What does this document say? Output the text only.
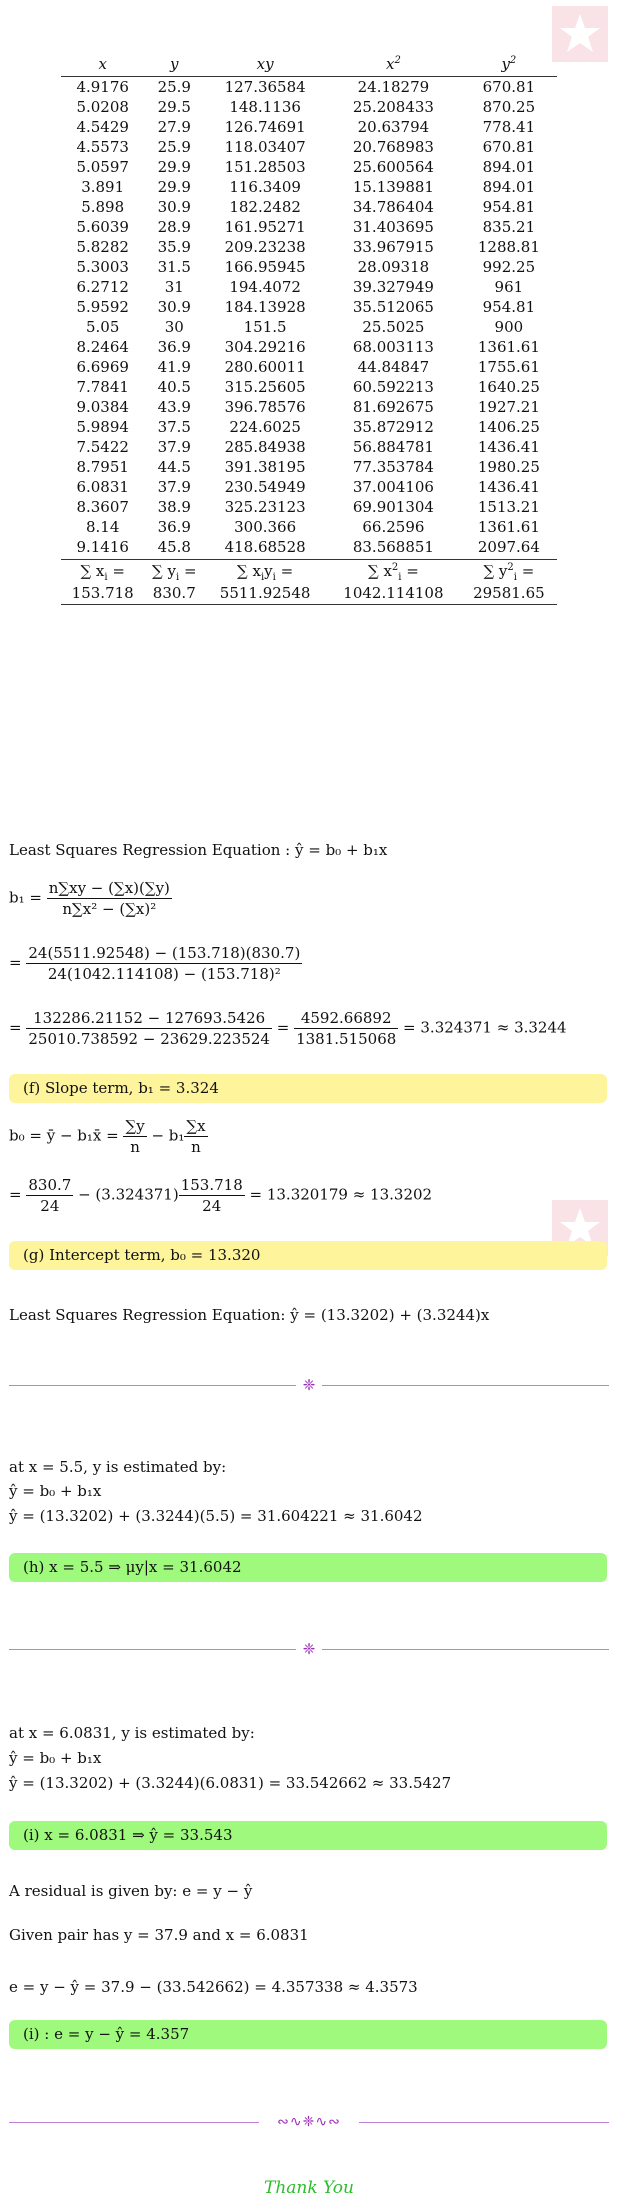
x	y	xy	$x^2$	$y^2$
4.9176	25.9	127.36584	24.18279	670.81
5.0208	29.5	148.1136	25.208433	870.25
4.5429	27.9	126.74691	20.63794	778.41
4.5573	25.9	118.03407	20.768983	670.81
5.0597	29.9	151.28503	25.600564	894.01
3.891	29.9	116.3409	15.139881	894.01
5.898	30.9	182.2482	34.786404	954.81
5.6039	28.9	161.95271	31.403695	835.21
5.8282	35.9	209.23238	33.967915	1288.81
5.3003	31.5	166.95945	28.09318	992.25
6.2712	31	194.4072	39.327949	961
5.9592	30.9	184.13928	35.512065	954.81
5.05	30	151.5	25.5025	900
8.2464	36.9	304.29216	68.003113	1361.61
6.6969	41.9	280.60011	44.84847	1755.61
7.7841	40.5	315.25605	60.592213	1640.25
9.0384	43.9	396.78576	81.692675	1927.21
5.9894	37.5	224.6025	35.872912	1406.25
7.5422	37.9	285.84938	56.884781	1436.41
8.7951	44.5	391.38195	77.353784	1980.25
6.0831	37.9	230.54949	37.004106	1436.41
8.3607	38.9	325.23123	69.901304	1513.21
8.14	36.9	300.366	66.2596	1361.61
9.1416	45.8	418.68528	83.568851	2097.64
∑ $x_i$ =	∑ $y_i$ =	∑ $x_iy_i$ =	∑ $x^2_i$ =	∑ $y^2_i$ =
153.718	830.7	5511.92548	1042.114108	29581.65
Least Squares Regression Equation : ŷ = b₀ + b₁x
$b_1 = \frac{n\sum xy - (\sum x)(\sum y)}{\text{n∑x² − (∑x)²}}$
= $\frac{24(5511.92548) - (153.718)(830.7)}{\text{24(1042.114108) − (153.718)²}}$
= $\frac{132286.21152 - 127693.5426}{25010.738592 - 23629.223524} = \frac{4592.66892}{1381.515068} = 3.324371 \approx 3.3244$
(f) Slope term, b₁ = 3.324
b₀ = ȳ − b₁x̄ = $\frac{\sum y}{n} - b_1 \frac{\sum x}{n}$
= $\frac{830.7}{24} - (3.324371) \frac{153.718}{24} = 13.320179 \approx 13.3202$
(g) Intercept term, b₀ = 13.320
Least Squares Regression Equation: ŷ = (13.3202) + (3.3244)x
❈
at x = 5.5, y is estimated by:
ŷ = b₀ + b₁x
ŷ = (13.3202) + (3.3244)(5.5) = 31.604221 ≈ 31.6042
(h) x = 5.5 ⇒ μy|x = 31.6042
❈
at x = 6.0831, y is estimated by:
ŷ = b₀ + b₁x
ŷ = (13.3202) + (3.3244)(6.0831) = 33.542662 ≈ 33.5427
(i) x = 6.0831 ⇒ ŷ = 33.543
A residual is given by: e = y − ŷ
Given pair has y = 37.9 and x = 6.0831
e = y − ŷ = 37.9 − (33.542662) = 4.357338 ≈ 4.3573
(i) : e = y − ŷ = 4.357
∾∿❈∿∾
Thank You
